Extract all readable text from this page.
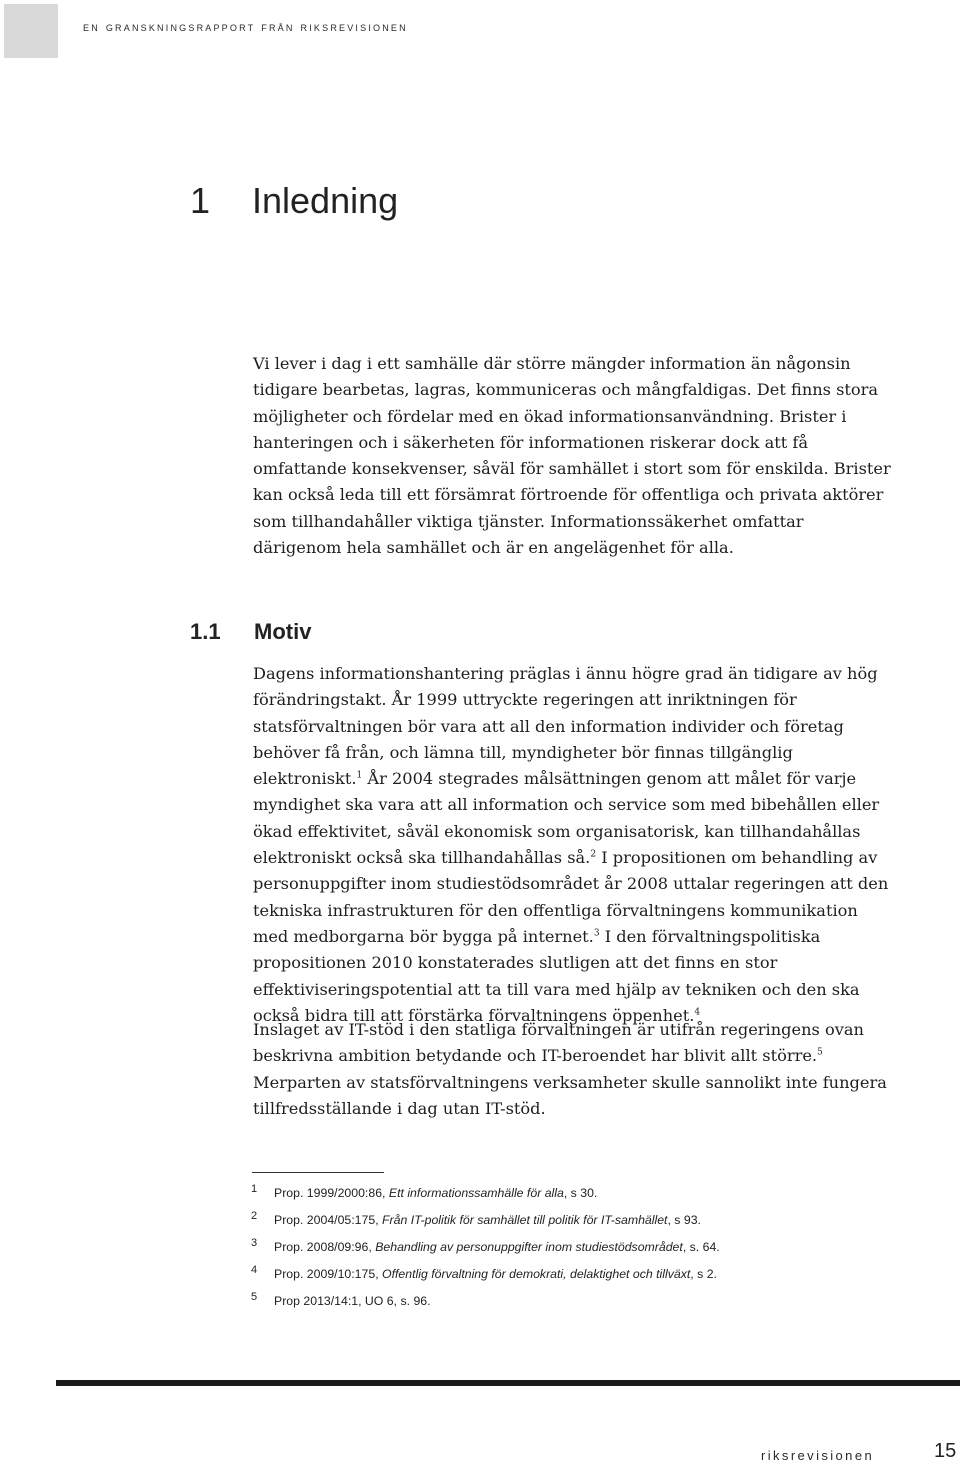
en granskningsrapport från riksrevisionen
1 Inledning

Vi lever i dag i ett samhälle där större mängder information än någonsin tidigare bearbetas, lagras, kommuniceras och mångfaldigas. Det finns stora möjligheter och fördelar med en ökad informationsanvändning. Brister i hanteringen och i säkerheten för informationen riskerar dock att få omfattande konsekvenser, såväl för samhället i stort som för enskilda. Brister kan också leda till ett försämrat förtroende för offentliga och privata aktörer som tillhandahåller viktiga tjänster. Informationssäkerhet omfattar därigenom hela samhället och är en angelägenhet för alla.

1.1 Motiv

Dagens informationshantering präglas i ännu högre grad än tidigare av hög förändringstakt. År 1999 uttryckte regeringen att inriktningen för statsförvaltningen bör vara att all den information individer och företag behöver få från, och lämna till, myndigheter bör finnas tillgänglig elektroniskt.$^1$ År 2004 stegrades målsättningen genom att målet för varje myndighet ska vara att all information och service som med bibehållen eller ökad effektivitet, såväl ekonomisk som organisatorisk, kan tillhandahållas elektroniskt också ska tillhandahållas så.$^2$ I propositionen om behandling av personuppgifter inom studiestödsområdet år 2008 uttalar regeringen att den tekniska infrastrukturen för den offentliga förvaltningens kommunikation med medborgarna bör bygga på internet.$^3$ I den förvaltningspolitiska propositionen 2010 konstaterades slutligen att det finns en stor effektiviseringspotential att ta till vara med hjälp av tekniken och den ska också bidra till att förstärka förvaltningens öppenhet.$^4$

Inslaget av IT-stöd i den statliga förvaltningen är utifrån regeringens ovan beskrivna ambition betydande och IT-beroendet har blivit allt större.$^5$ Merparten av statsförvaltningens verksamheter skulle sannolikt inte fungera tillfredsställande i dag utan IT-stöd.

1 Prop. 1999/2000:86, Ett informationssamhälle för alla, s 30.
2 Prop. 2004/05:175, Från IT-politik för samhället till politik för IT-samhället, s 93.
3 Prop. 2008/09:96, Behandling av personuppgifter inom studiestödsområdet, s. 64.
4 Prop. 2009/10:175, Offentlig förvaltning för demokrati, delaktighet och tillväxt, s 2.
5 Prop 2013/14:1, UO 6, s. 96.
riksrevisionen	15
